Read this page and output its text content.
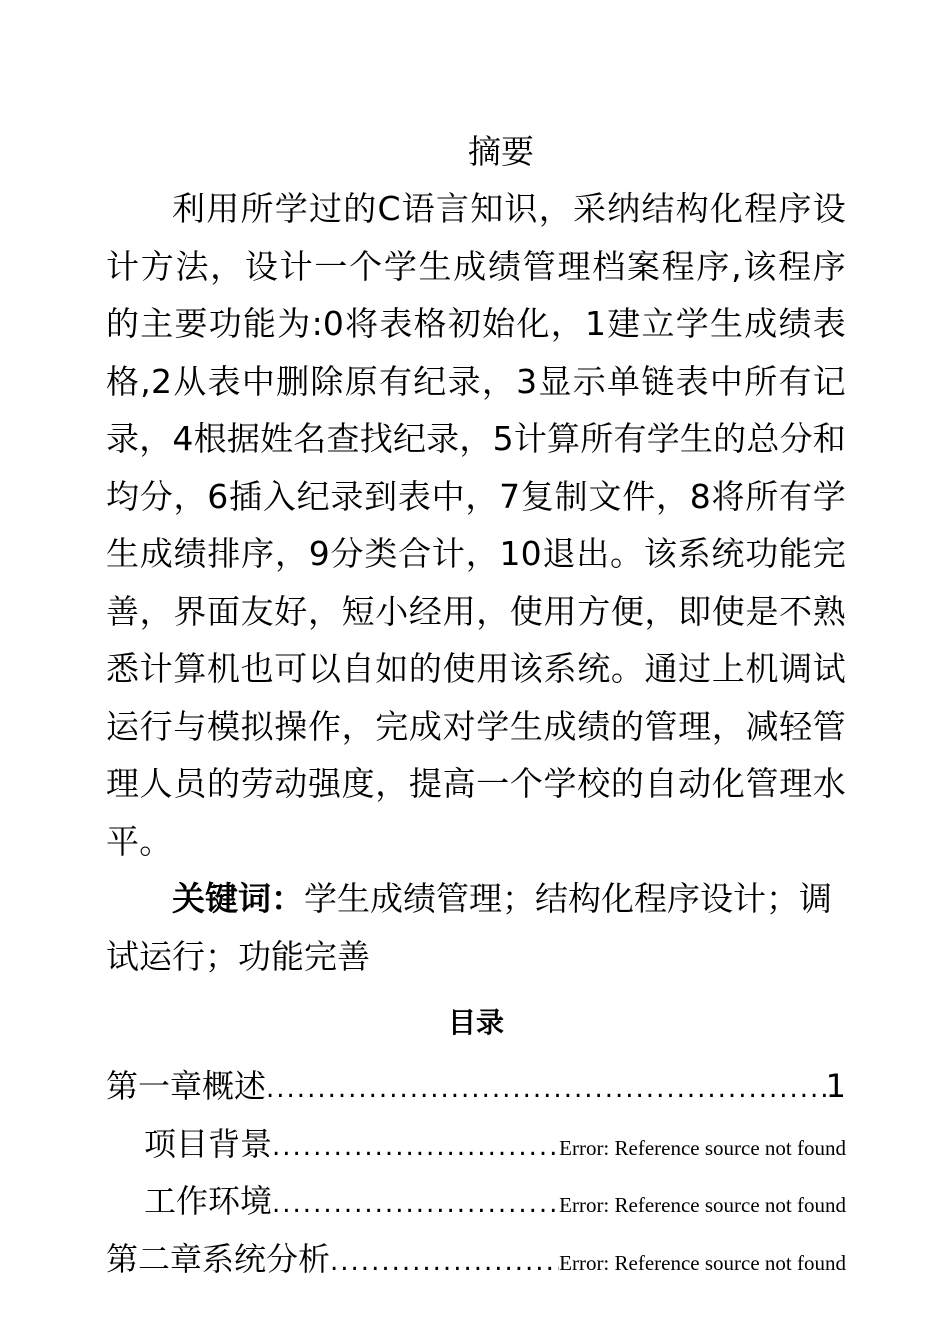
摘要

利用所学过的C语言知识，采纳结构化程序设计方法，设计一个学生成绩管理档案程序,该程序的主要功能为:0将表格初始化，1建立学生成绩表格,2从表中删除原有纪录，3显示单链表中所有记录，4根据姓名查找纪录，5计算所有学生的总分和均分，6插入纪录到表中，7复制文件，8将所有学生成绩排序，9分类合计，10退出。该系统功能完善，界面友好，短小经用，使用方便，即使是不熟悉计算机也可以自如的使用该系统。通过上机调试运行与模拟操作，完成对学生成绩的管理，减轻管理人员的劳动强度，提高一个学校的自动化管理水平。

关键词：学生成绩管理；结构化程序设计；调试运行；功能完善

目录
第一章概述 .....	1
项目背景 .....	Error: Reference source not found
工作环境 .....	Error: Reference source not found
第二章系统分析 .....	Error: Reference source not found
